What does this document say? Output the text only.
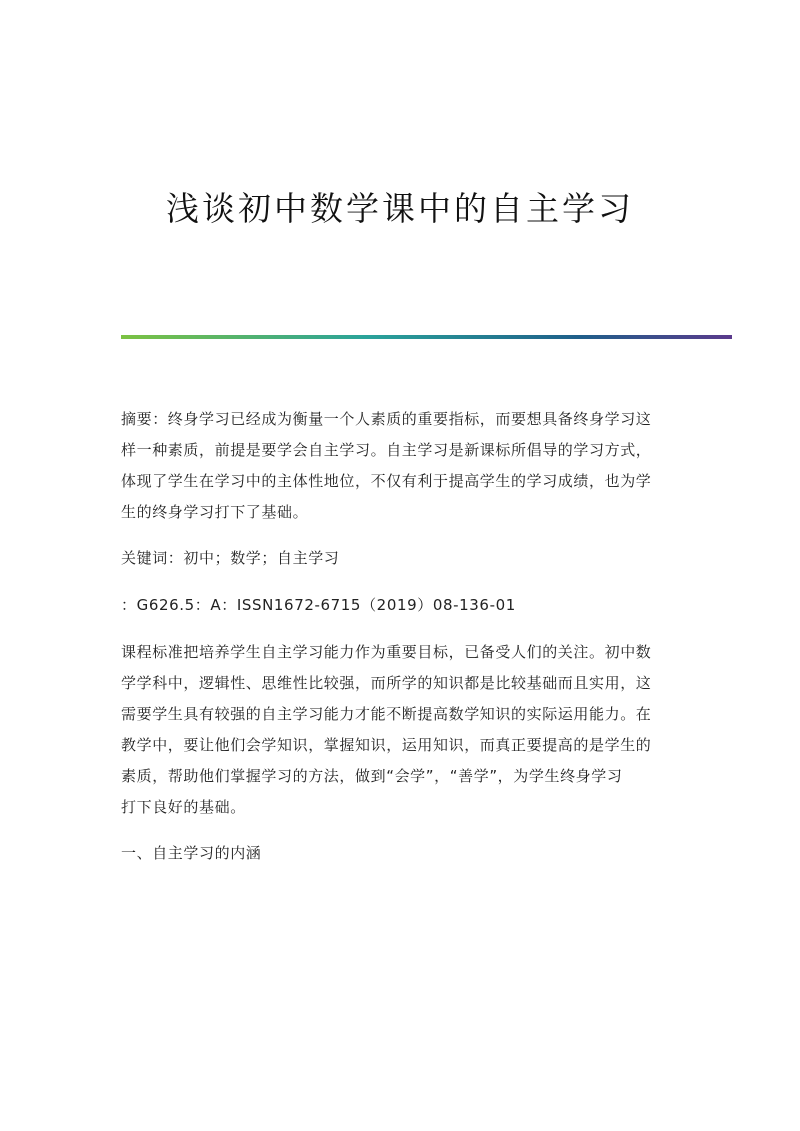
浅谈初中数学课中的自主学习

摘要：终身学习已经成为衡量一个人素质的重要指标，而要想具备终身学习这
样一种素质，前提是要学会自主学习。自主学习是新课标所倡导的学习方式，
体现了学生在学习中的主体性地位，不仅有利于提高学生的学习成绩，也为学
生的终身学习打下了基础。

关键词：初中；数学；自主学习

：G626.5：A：ISSN1672-6715（2019）08-136-01

课程标准把培养学生自主学习能力作为重要目标，已备受人们的关注。初中数
学学科中，逻辑性、思维性比较强，而所学的知识都是比较基础而且实用，这
需要学生具有较强的自主学习能力才能不断提高数学知识的实际运用能力。在
教学中，要让他们会学知识，掌握知识，运用知识，而真正要提高的是学生的
素质，帮助他们掌握学习的方法，做到“会学”，“善学”，为学生终身学习
打下良好的基础。

一、自主学习的内涵
